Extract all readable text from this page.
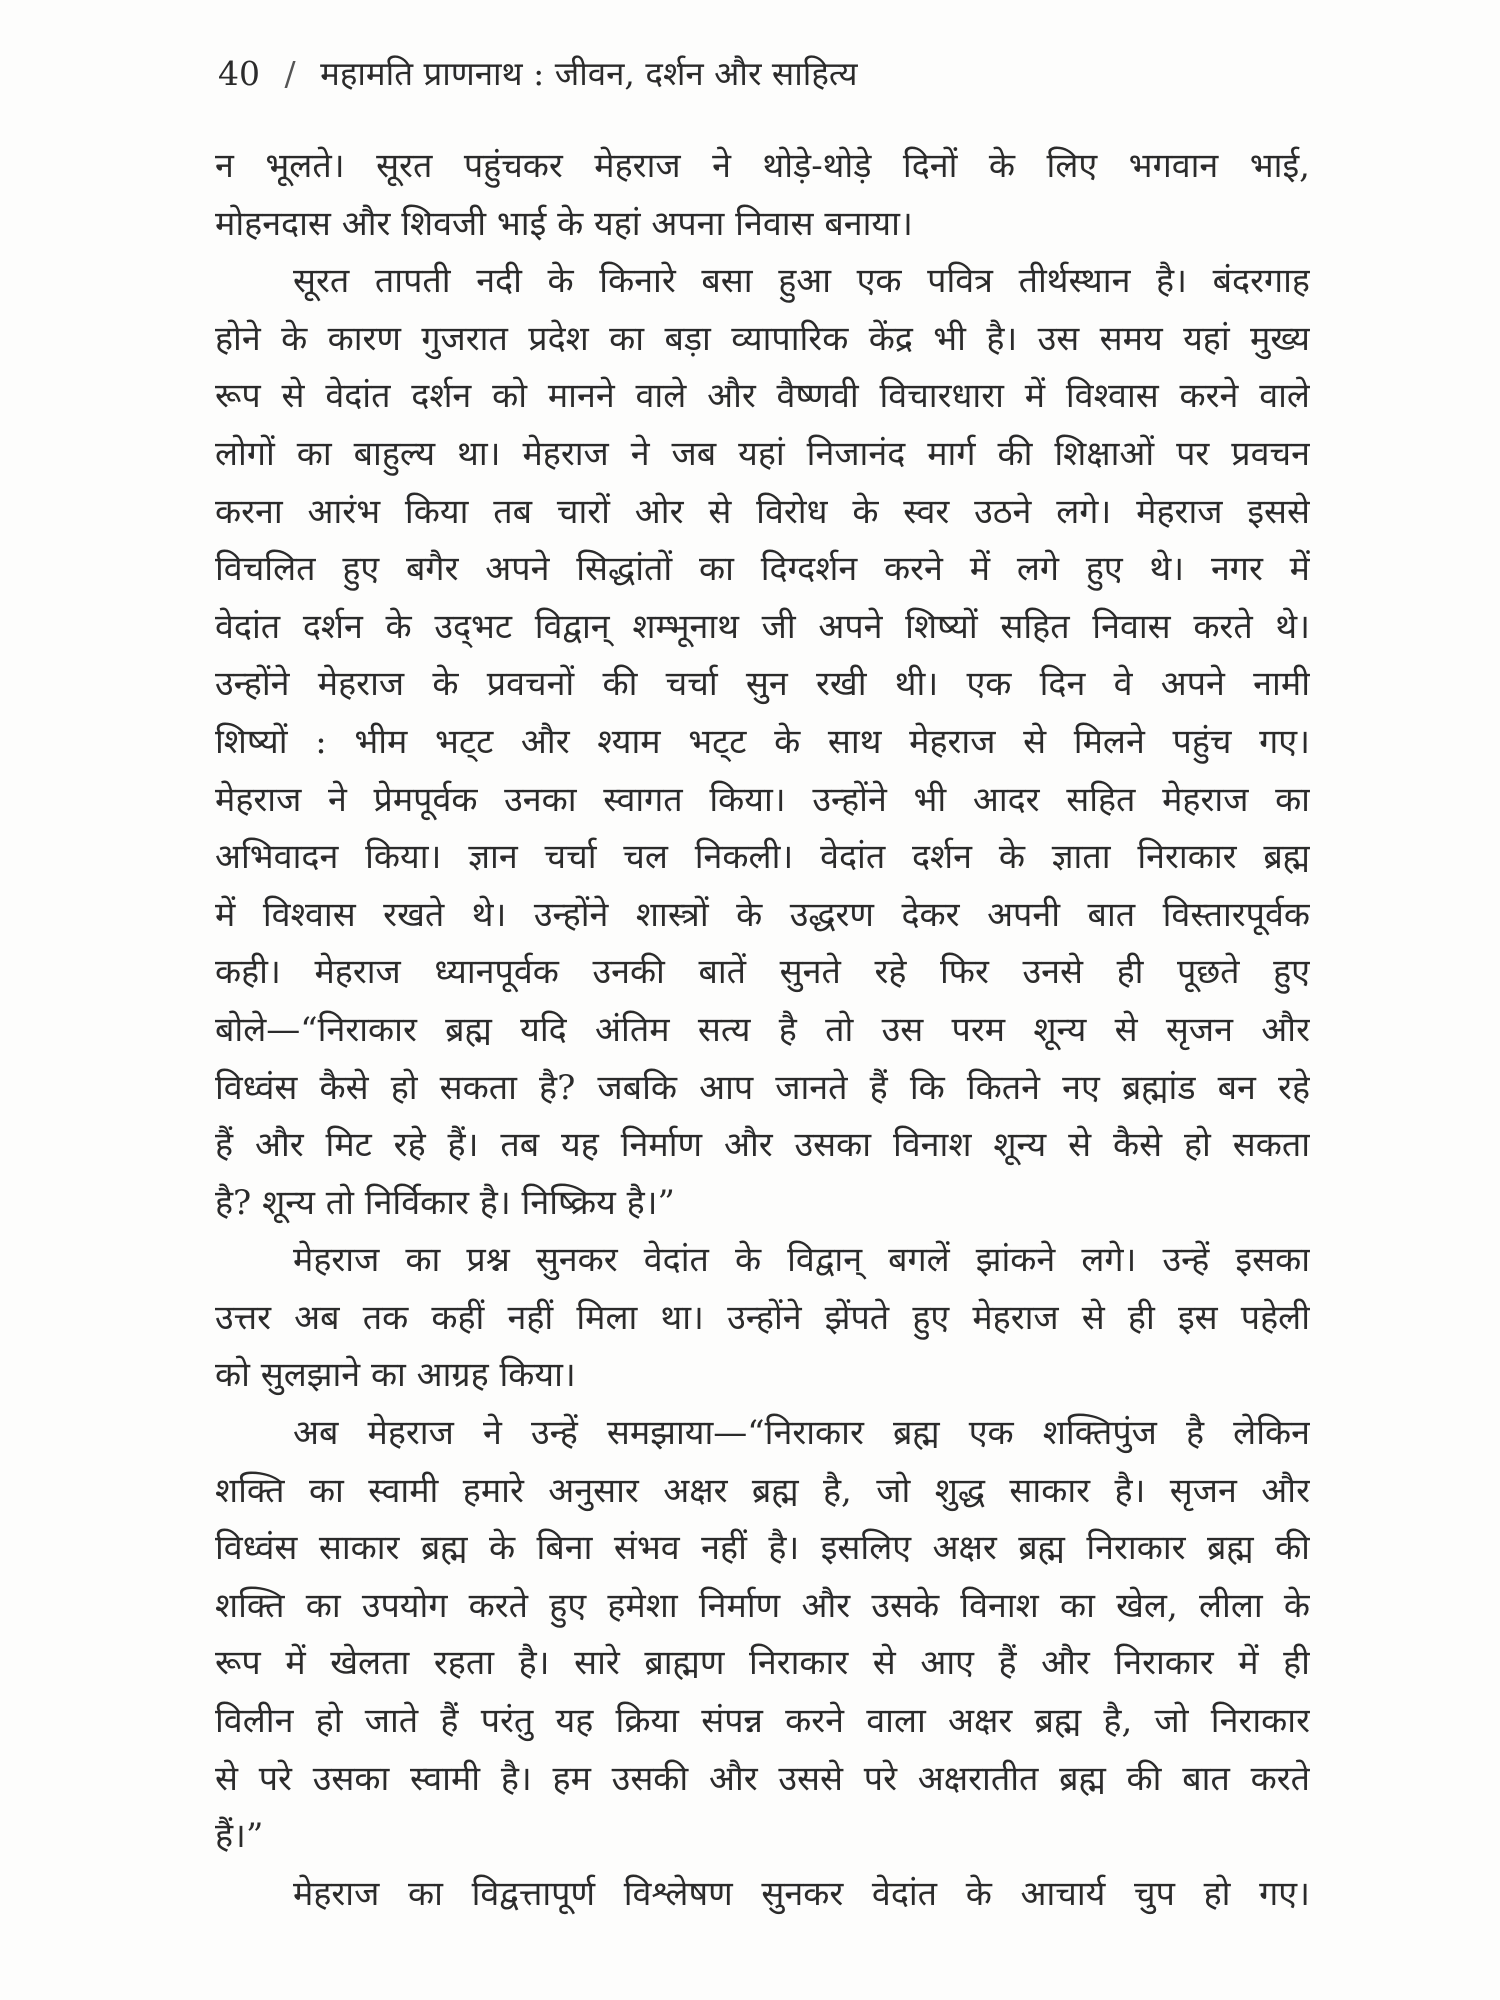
40 / महामति प्राणनाथ : जीवन, दर्शन और साहित्य
न भूलते। सूरत पहुंचकर मेहराज ने थोड़े-थोड़े दिनों के लिए भगवान भाई,
मोहनदास और शिवजी भाई के यहां अपना निवास बनाया।
सूरत तापती नदी के किनारे बसा हुआ एक पवित्र तीर्थस्थान है। बंदरगाह
होने के कारण गुजरात प्रदेश का बड़ा व्यापारिक केंद्र भी है। उस समय यहां मुख्य
रूप से वेदांत दर्शन को मानने वाले और वैष्णवी विचारधारा में विश्वास करने वाले
लोगों का बाहुल्य था। मेहराज ने जब यहां निजानंद मार्ग की शिक्षाओं पर प्रवचन
करना आरंभ किया तब चारों ओर से विरोध के स्वर उठने लगे। मेहराज इससे
विचलित हुए बगैर अपने सिद्धांतों का दिग्दर्शन करने में लगे हुए थे। नगर में
वेदांत दर्शन के उद्‌भट विद्वान् शम्भूनाथ जी अपने शिष्यों सहित निवास करते थे।
उन्होंने मेहराज के प्रवचनों की चर्चा सुन रखी थी। एक दिन वे अपने नामी
शिष्यों : भीम भट्‌ट और श्याम भट्‌ट के साथ मेहराज से मिलने पहुंच गए।
मेहराज ने प्रेमपूर्वक उनका स्वागत किया। उन्होंने भी आदर सहित मेहराज का
अभिवादन किया। ज्ञान चर्चा चल निकली। वेदांत दर्शन के ज्ञाता निराकार ब्रह्म
में विश्वास रखते थे। उन्होंने शास्त्रों के उद्धरण देकर अपनी बात विस्तारपूर्वक
कही। मेहराज ध्यानपूर्वक उनकी बातें सुनते रहे फिर उनसे ही पूछते हुए
बोले—“निराकार ब्रह्म यदि अंतिम सत्य है तो उस परम शून्य से सृजन और
विध्वंस कैसे हो सकता है? जबकि आप जानते हैं कि कितने नए ब्रह्मांड बन रहे
हैं और मिट रहे हैं। तब यह निर्माण और उसका विनाश शून्य से कैसे हो सकता
है? शून्य तो निर्विकार है। निष्क्रिय है।”
मेहराज का प्रश्न सुनकर वेदांत के विद्वान् बगलें झांकने लगे। उन्हें इसका
उत्तर अब तक कहीं नहीं मिला था। उन्होंने झेंपते हुए मेहराज से ही इस पहेली
को सुलझाने का आग्रह किया।
अब मेहराज ने उन्हें समझाया—“निराकार ब्रह्म एक शक्तिपुंज है लेकिन
शक्ति का स्वामी हमारे अनुसार अक्षर ब्रह्म है, जो शुद्ध साकार है। सृजन और
विध्वंस साकार ब्रह्म के बिना संभव नहीं है। इसलिए अक्षर ब्रह्म निराकार ब्रह्म की
शक्ति का उपयोग करते हुए हमेशा निर्माण और उसके विनाश का खेल, लीला के
रूप में खेलता रहता है। सारे ब्राह्मण निराकार से आए हैं और निराकार में ही
विलीन हो जाते हैं परंतु यह क्रिया संपन्न करने वाला अक्षर ब्रह्म है, जो निराकार
से परे उसका स्वामी है। हम उसकी और उससे परे अक्षरातीत ब्रह्म की बात करते
हैं।”
मेहराज का विद्वत्तापूर्ण विश्लेषण सुनकर वेदांत के आचार्य चुप हो गए।
